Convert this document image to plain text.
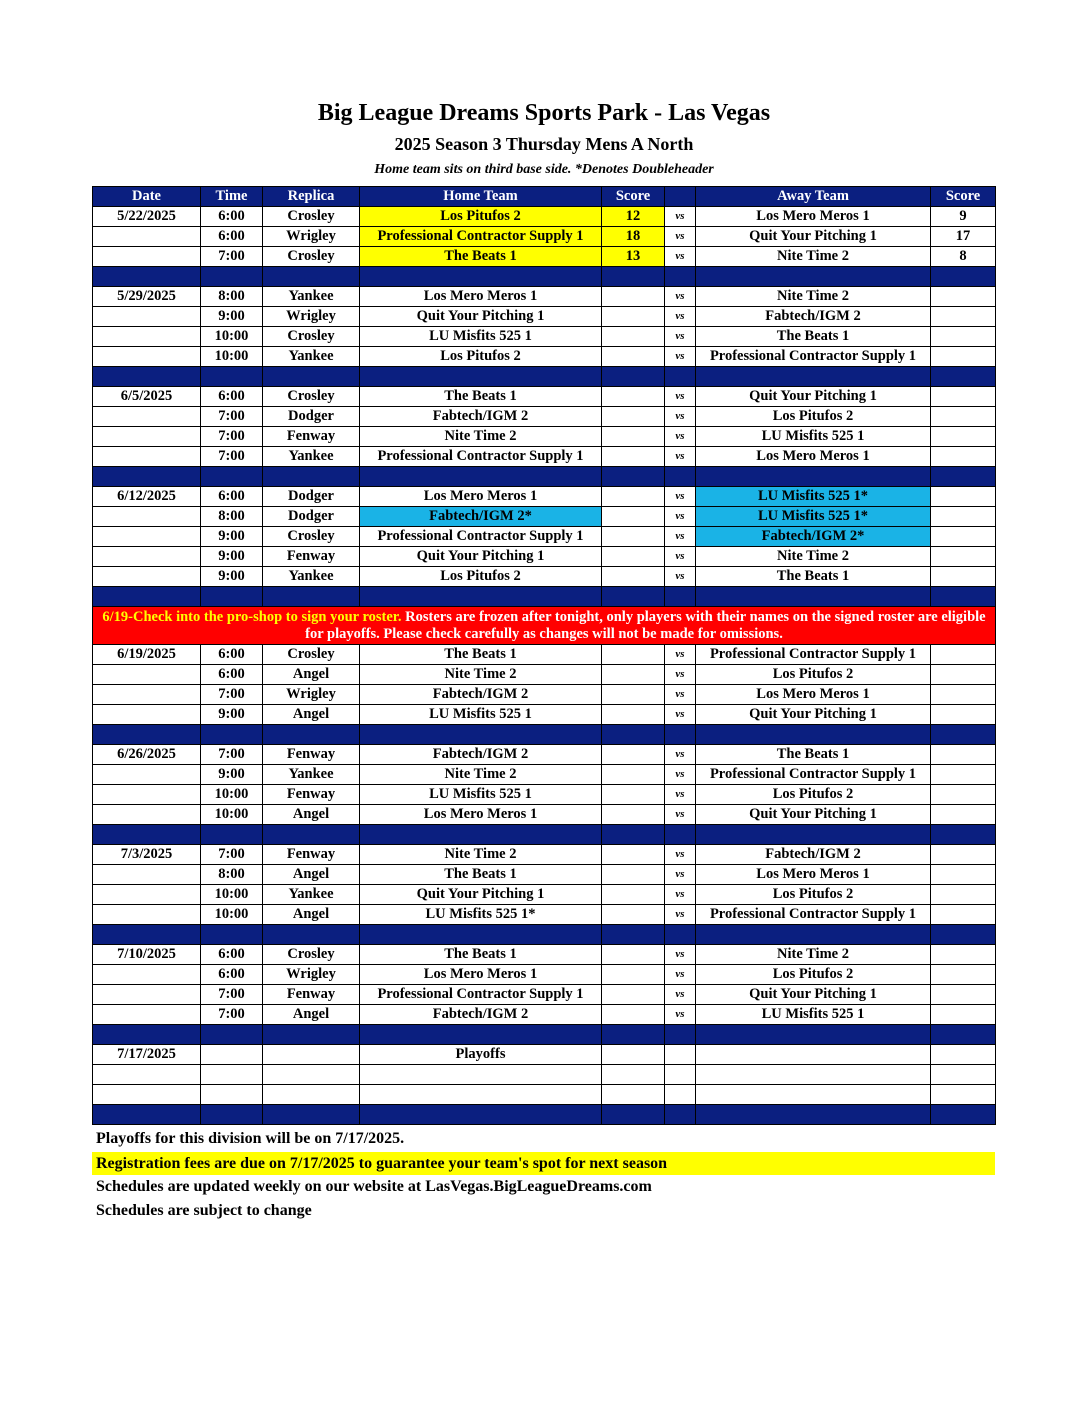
Big League Dreams Sports Park - Las Vegas
2025 Season 3 Thursday Mens A North
Home team sits on third base side. *Denotes Doubleheader
Date	Time	Replica	Home Team	Score		Away Team	Score
5/22/2025	6:00	Crosley	Los Pitufos 2	12	vs	Los Mero Meros 1	9
	6:00	Wrigley	Professional Contractor Supply 1	18	vs	Quit Your Pitching 1	17
	7:00	Crosley	The Beats 1	13	vs	Nite Time 2	8

5/29/2025	8:00	Yankee	Los Mero Meros 1		vs	Nite Time 2	
	9:00	Wrigley	Quit Your Pitching 1		vs	Fabtech/IGM 2	
	10:00	Crosley	LU Misfits 525 1		vs	The Beats 1	
	10:00	Yankee	Los Pitufos 2		vs	Professional Contractor Supply 1	

6/5/2025	6:00	Crosley	The Beats 1		vs	Quit Your Pitching 1	
	7:00	Dodger	Fabtech/IGM 2		vs	Los Pitufos 2	
	7:00	Fenway	Nite Time 2		vs	LU Misfits 525 1	
	7:00	Yankee	Professional Contractor Supply 1		vs	Los Mero Meros 1	

6/12/2025	6:00	Dodger	Los Mero Meros 1		vs	LU Misfits 525 1*	
	8:00	Dodger	Fabtech/IGM 2*		vs	LU Misfits 525 1*	
	9:00	Crosley	Professional Contractor Supply 1		vs	Fabtech/IGM 2*	
	9:00	Fenway	Quit Your Pitching 1		vs	Nite Time 2	
	9:00	Yankee	Los Pitufos 2		vs	The Beats 1	

6/19-Check into the pro-shop to sign your roster. Rosters are frozen after tonight, only players with their names on the signed roster are eligible for playoffs. Please check carefully as changes will not be made for omissions.							
6/19/2025	6:00	Crosley	The Beats 1		vs	Professional Contractor Supply 1	
	6:00	Angel	Nite Time 2		vs	Los Pitufos 2	
	7:00	Wrigley	Fabtech/IGM 2		vs	Los Mero Meros 1	
	9:00	Angel	LU Misfits 525 1		vs	Quit Your Pitching 1	

6/26/2025	7:00	Fenway	Fabtech/IGM 2		vs	The Beats 1	
	9:00	Yankee	Nite Time 2		vs	Professional Contractor Supply 1	
	10:00	Fenway	LU Misfits 525 1		vs	Los Pitufos 2	
	10:00	Angel	Los Mero Meros 1		vs	Quit Your Pitching 1	

7/3/2025	7:00	Fenway	Nite Time 2		vs	Fabtech/IGM 2	
	8:00	Angel	The Beats 1		vs	Los Mero Meros 1	
	10:00	Yankee	Quit Your Pitching 1		vs	Los Pitufos 2	
	10:00	Angel	LU Misfits 525 1*		vs	Professional Contractor Supply 1	

7/10/2025	6:00	Crosley	The Beats 1		vs	Nite Time 2	
	6:00	Wrigley	Los Mero Meros 1		vs	Los Pitufos 2	
	7:00	Fenway	Professional Contractor Supply 1		vs	Quit Your Pitching 1	
	7:00	Angel	Fabtech/IGM 2		vs	LU Misfits 525 1	

7/17/2025			Playoffs				

Playoffs for this division will be on 7/17/2025.
Registration fees are due on 7/17/2025 to guarantee your team's spot for next season
Schedules are updated weekly on our website at LasVegas.BigLeagueDreams.com
Schedules are subject to change
